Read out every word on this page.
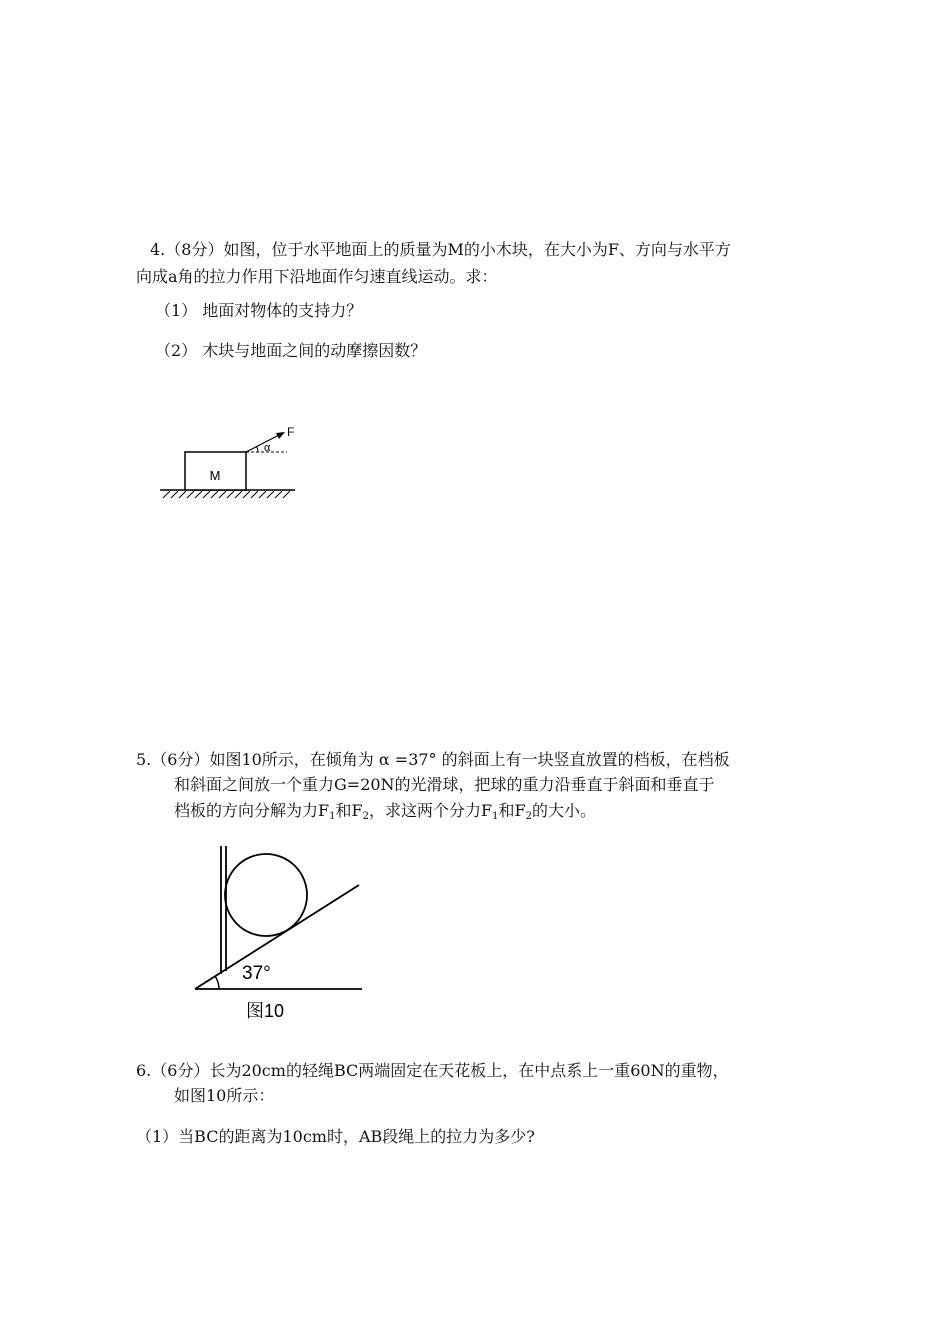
4.（8分）如图，位于水平地面上的质量为M的小木块，在大小为F、方向与水平方
向成a角的拉力作用下沿地面作匀速直线运动。求：
（1） 地面对物体的支持力？
（2） 木块与地面之间的动摩擦因数？
M
F
α
5.（6分）如图10所示，在倾角为 α =37° 的斜面上有一块竖直放置的档板，在档板
和斜面之间放一个重力G=20N的光滑球，把球的重力沿垂直于斜面和垂直于
档板的方向分解为力$F_1$和$F_2$，求这两个分力$F_1$和$F_2$的大小。
37°
图10
6.（6分）长为20cm的轻绳BC两端固定在天花板上，在中点系上一重60N的重物，
如图10所示：
（1）当BC的距离为10cm时，AB段绳上的拉力为多少?
